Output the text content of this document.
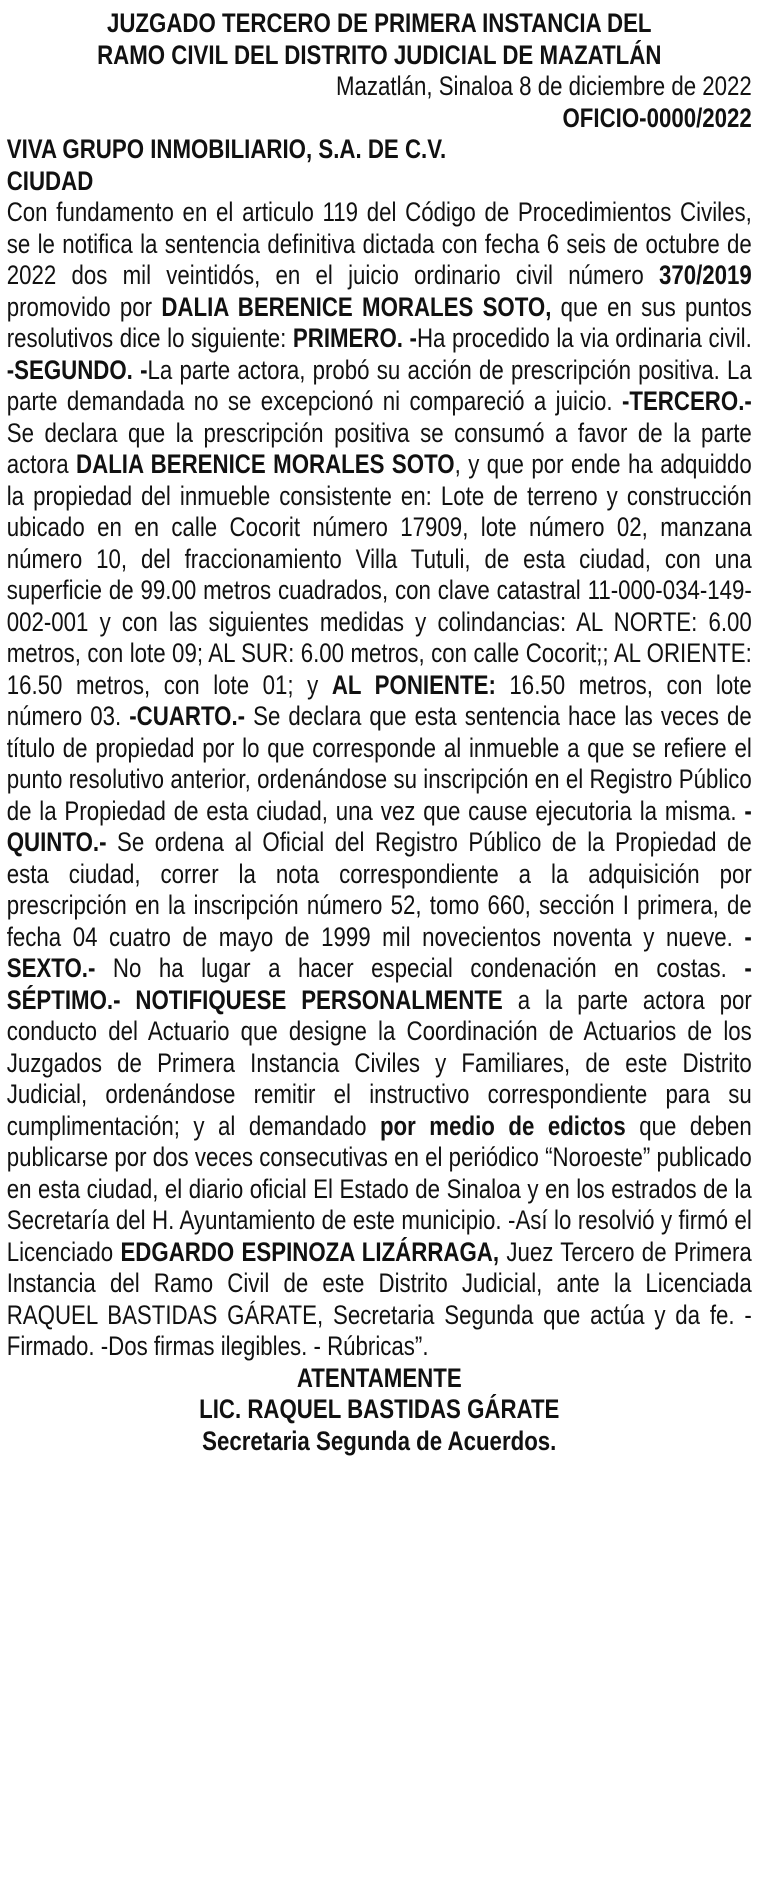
JUZGADO TERCERO DE PRIMERA INSTANCIA DEL
RAMO CIVIL DEL DISTRITO JUDICIAL DE MAZATLÁN
Mazatlán, Sinaloa 8 de diciembre de 2022
OFICIO-0000/2022
VIVA GRUPO INMOBILIARIO, S.A. DE C.V.
CIUDAD
Con fundamento en el articulo 119 del Código de Procedimientos Civiles, se le notifica la sentencia definitiva dictada con fecha 6 seis de octubre de 2022 dos mil veintidós, en el juicio ordinario civil número 370/2019 promovido por DALIA BERENICE MORALES SOTO, que en sus puntos resolutivos dice lo siguiente: PRIMERO. -Ha procedido la via ordinaria civil. -SEGUNDO. -La parte actora, probó su acción de prescripción positiva. La parte demandada no se excepcionó ni compareció a juicio. -TERCERO.- Se declara que la prescripción positiva se consumó a favor de la parte actora DALIA BERENICE MORALES SOTO, y que por ende ha adquiddo la propiedad del inmueble consistente en: Lote de terreno y construcción ubicado en en calle Cocorit número 17909, lote número 02, manzana número 10, del fraccionamiento Villa Tutuli, de esta ciudad, con una superficie de 99.00 metros cuadrados, con clave catastral 11-000-034-149-002-001 y con las siguientes medidas y colindancias: AL NORTE: 6.00 metros, con lote 09; AL SUR: 6.00 metros, con calle Cocorit;; AL ORIENTE: 16.50 metros, con lote 01; y AL PONIENTE: 16.50 metros, con lote número 03. -CUARTO.- Se declara que esta sentencia hace las veces de título de propiedad por lo que corresponde al inmueble a que se refiere el punto resolutivo anterior, ordenándose su inscripción en el Registro Público de la Propiedad de esta ciudad, una vez que cause ejecutoria la misma. -QUINTO.- Se ordena al Oficial del Registro Público de la Propiedad de esta ciudad, correr la nota correspondiente a la adquisición por prescripción en la inscripción número 52, tomo 660, sección I primera, de fecha 04 cuatro de mayo de 1999 mil novecientos noventa y nueve. -SEXTO.- No ha lugar a hacer especial condenación en costas. -SÉPTIMO.- NOTIFIQUESE PERSONALMENTE a la parte actora por conducto del Actuario que designe la Coordinación de Actuarios de los Juzgados de Primera Instancia Civiles y Familiares, de este Distrito Judicial, ordenándose remitir el instructivo correspondiente para su cumplimentación; y al demandado por medio de edictos que deben publicarse por dos veces consecutivas en el periódico “Noroeste” publicado en esta ciudad, el diario oficial El Estado de Sinaloa y en los estrados de la Secretaría del H. Ayuntamiento de este municipio. -Así lo resolvió y firmó el Licenciado EDGARDO ESPINOZA LIZÁRRAGA, Juez Tercero de Primera Instancia del Ramo Civil de este Distrito Judicial, ante la Licenciada RAQUEL BASTIDAS GÁRATE, Secretaria Segunda que actúa y da fe. -Firmado. -Dos firmas ilegibles. - Rúbricas”.
ATENTAMENTE
LIC. RAQUEL BASTIDAS GÁRATE
Secretaria Segunda de Acuerdos.
